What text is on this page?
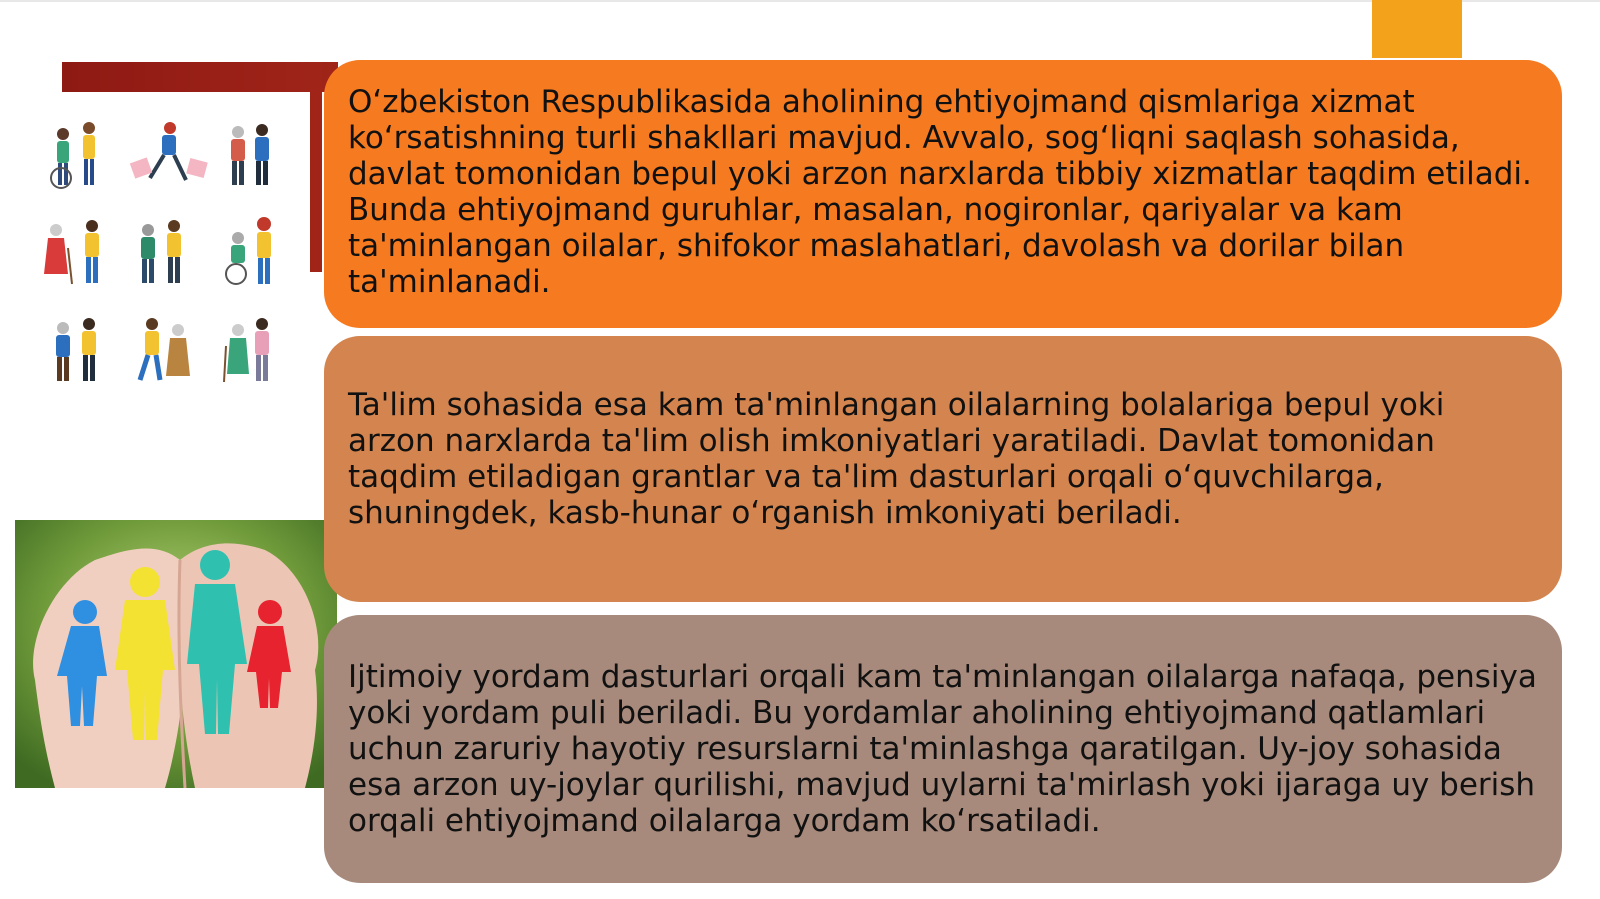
O‘zbekiston Respublikasida aholining ehtiyojmand qismlariga xizmat ko‘rsatishning turli shakllari mavjud. Avvalo, sog‘liqni saqlash sohasida, davlat tomonidan bepul yoki arzon narxlarda tibbiy xizmatlar taqdim etiladi. Bunda ehtiyojmand guruhlar, masalan, nogironlar, qariyalar va kam ta'minlangan oilalar, shifokor maslahatlari, davolash va dorilar bilan ta'minlanadi.

Ta'lim sohasida esa kam ta'minlangan oilalarning bolalariga bepul yoki arzon narxlarda ta'lim olish imkoniyatlari yaratiladi. Davlat tomonidan taqdim etiladigan grantlar va ta'lim dasturlari orqali o‘quvchilarga, shuningdek, kasb-hunar o‘rganish imkoniyati beriladi.

Ijtimoiy yordam dasturlari orqali kam ta'minlangan oilalarga nafaqa, pensiya yoki yordam puli beriladi. Bu yordamlar aholining ehtiyojmand qatlamlari uchun zaruriy hayotiy resurslarni ta'minlashga qaratilgan. Uy-joy sohasida esa arzon uy-joylar qurilishi, mavjud uylarni ta'mirlash yoki ijaraga uy berish orqali ehtiyojmand oilalarga yordam ko‘rsatiladi.
